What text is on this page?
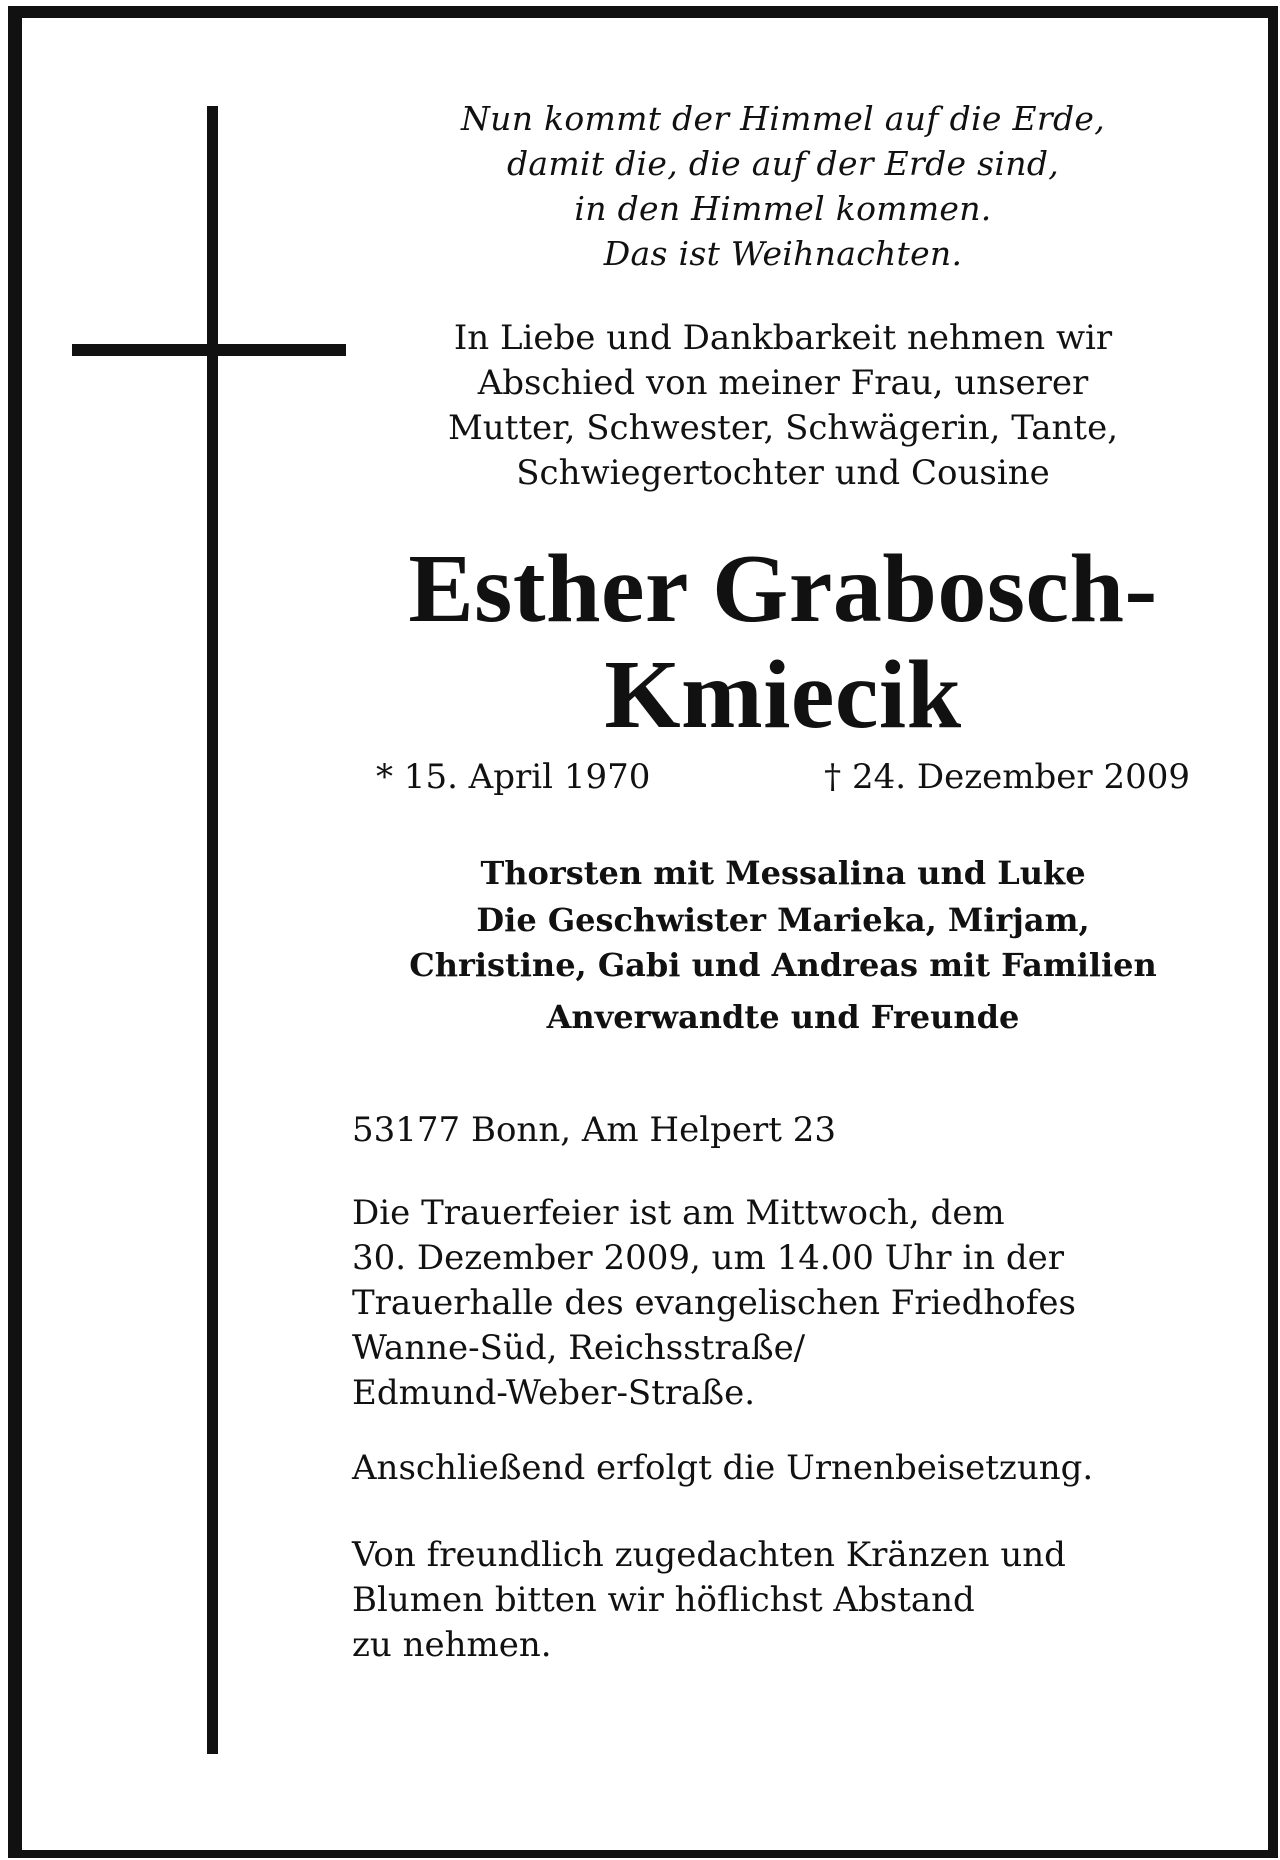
Nun kommt der Himmel auf die Erde,
damit die, die auf der Erde sind,
in den Himmel kommen.
Das ist Weihnachten.
In Liebe und Dankbarkeit nehmen wir
Abschied von meiner Frau, unserer
Mutter, Schwester, Schwägerin, Tante,
Schwiegertochter und Cousine
Esther Grabosch-
Kmiecik
* 15. April 1970	† 24. Dezember 2009
Thorsten mit Messalina und Luke
Die Geschwister Marieka, Mirjam,
Christine, Gabi und Andreas mit Familien
Anverwandte und Freunde
53177 Bonn, Am Helpert 23
Die Trauerfeier ist am Mittwoch, dem
30. Dezember 2009, um 14.00 Uhr in der
Trauerhalle des evangelischen Friedhofes
Wanne-Süd, Reichsstraße/
Edmund-Weber-Straße.
Anschließend erfolgt die Urnenbeisetzung.
Von freundlich zugedachten Kränzen und
Blumen bitten wir höflichst Abstand
zu nehmen.
